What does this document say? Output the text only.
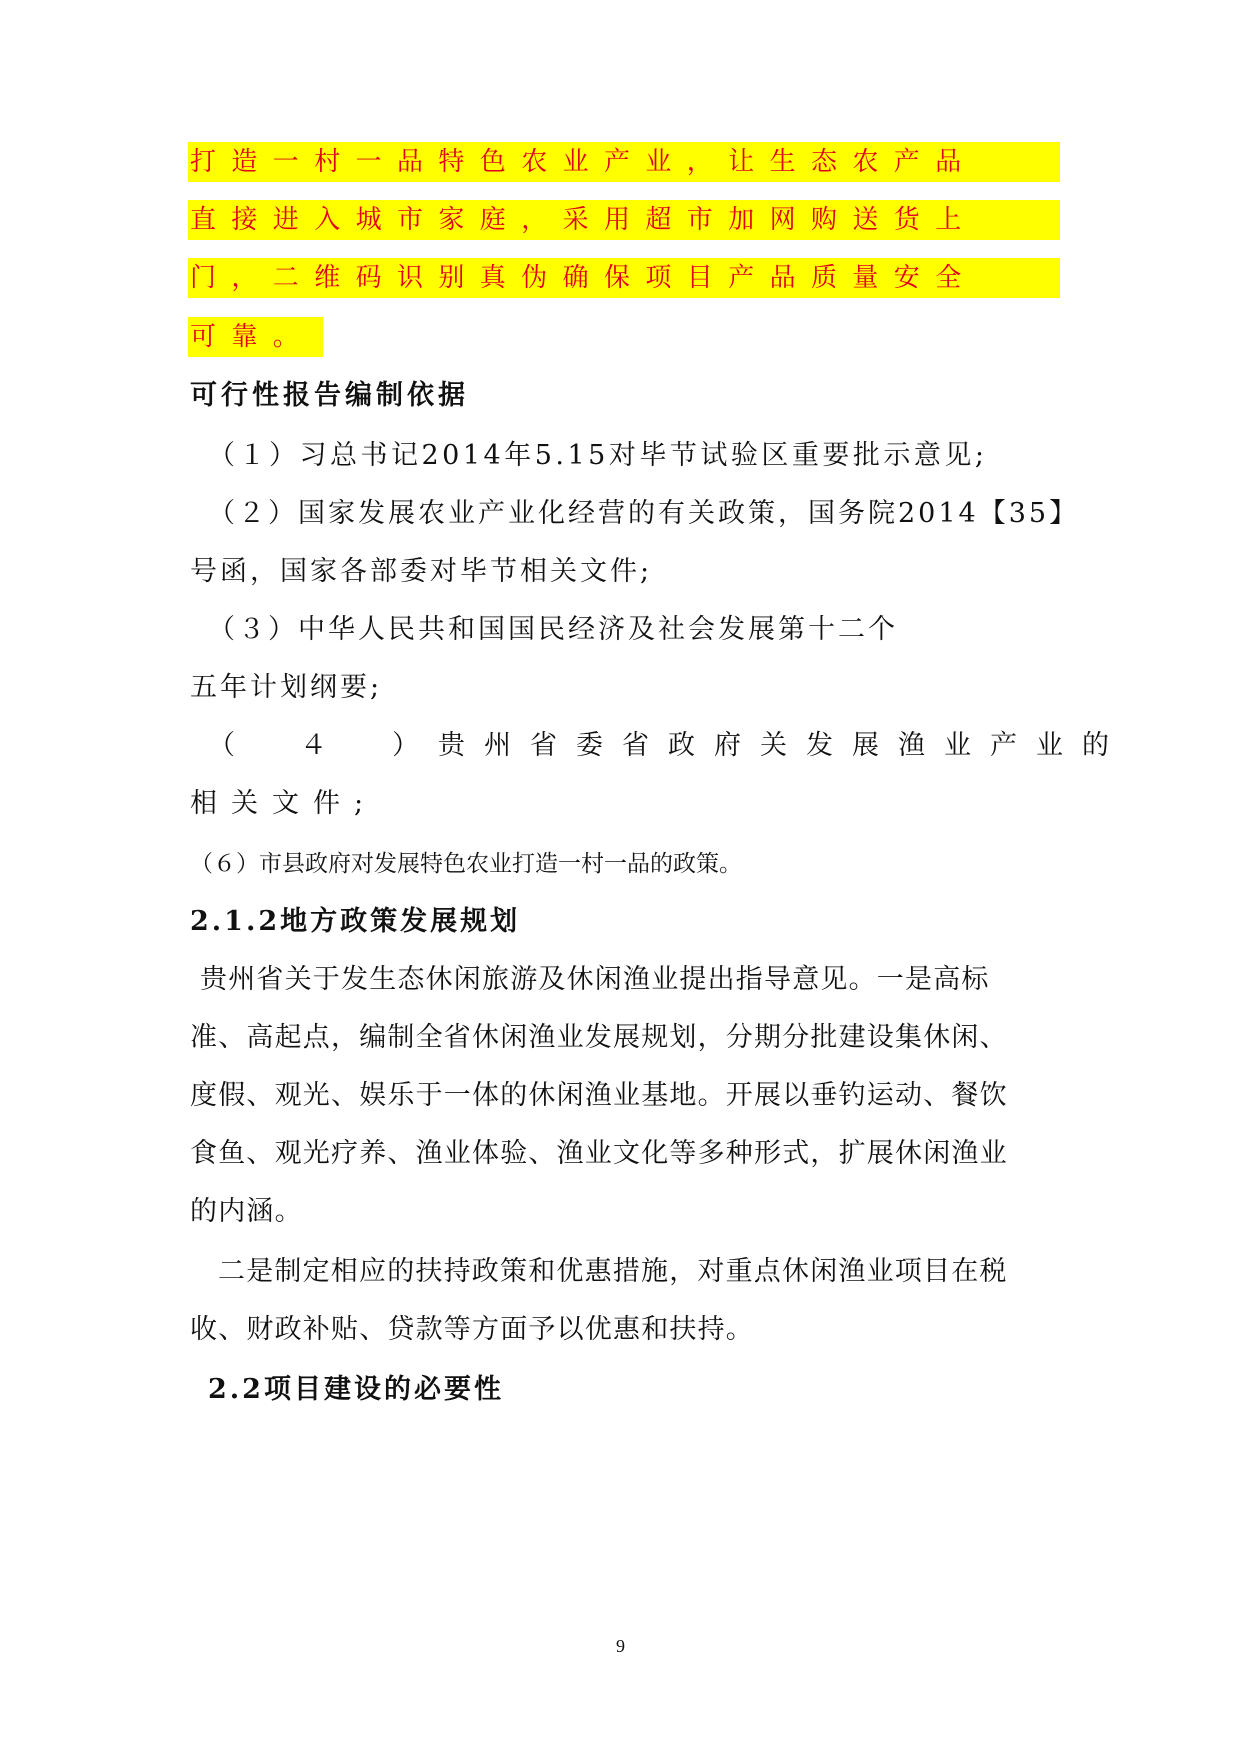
打造一村一品特色农业产业，让生态农产品
直接进入城市家庭，采用超市加网购送货上
门，二维码识别真伪确保项目产品质量安全
可靠。
可行性报告编制依据
（１）习总书记2014年5.15对毕节试验区重要批示意见;
（２）国家发展农业产业化经营的有关政策，国务院2014【35】
号函，国家各部委对毕节相关文件;
（３）中华人民共和国国民经济及社会发展第十二个
五年计划纲要;
（　４　）贵州省委省政府关发展渔业产业的
相关文件;
（６）市县政府对发展特色农业打造一村一品的政策。
2.1.2地方政策发展规划
贵州省关于发生态休闲旅游及休闲渔业提出指导意见。一是高标
准、高起点，编制全省休闲渔业发展规划，分期分批建设集休闲、
度假、观光、娱乐于一体的休闲渔业基地。开展以垂钓运动、餐饮
食鱼、观光疗养、渔业体验、渔业文化等多种形式，扩展休闲渔业
的内涵。
二是制定相应的扶持政策和优惠措施，对重点休闲渔业项目在税
收、财政补贴、贷款等方面予以优惠和扶持。
2.2项目建设的必要性
9
